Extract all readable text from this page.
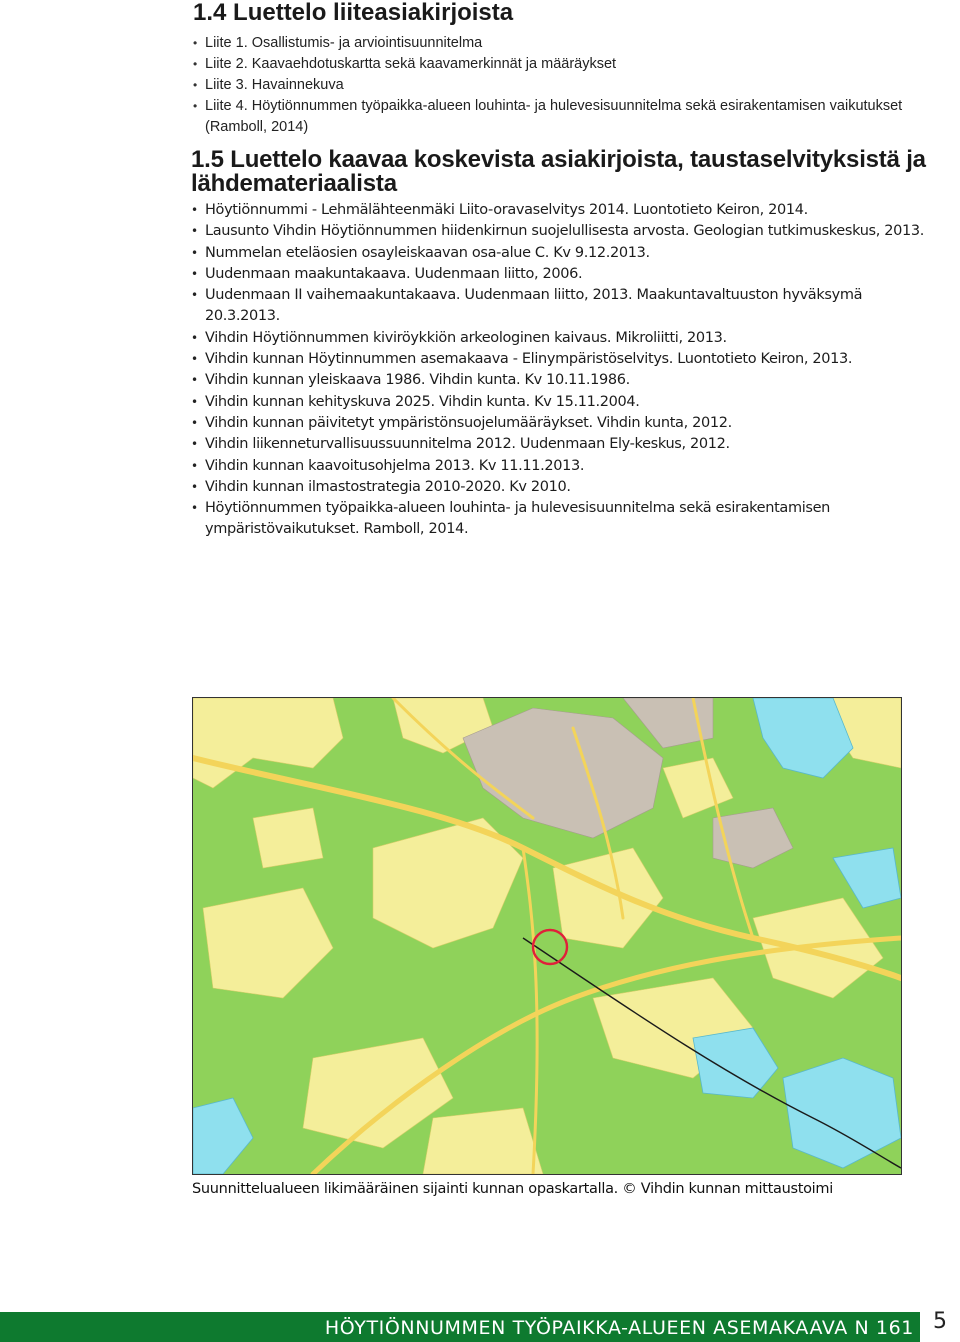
1.4 Luettelo liiteasiakirjoista
• Liite 1. Osallistumis- ja arviointisuunnitelma
• Liite 2. Kaavaehdotuskartta sekä kaavamerkinnät ja määräykset
• Liite 3. Havainnekuva
• Liite 4. Höytiönnummen työpaikka-alueen louhinta- ja hulevesisuunnitelma sekä esirakentamisen vaikutukset (Ramboll, 2014)
1.5 Luettelo kaavaa koskevista asiakirjoista, taustaselvityksistä ja lähdemateriaalista
• Höytiönnummi - Lehmälähteenmäki Liito-oravaselvitys 2014. Luontotieto Keiron, 2014.
• Lausunto Vihdin Höytiönnummen hiidenkirnun suojelullisesta arvosta. Geologian tutkimuskeskus, 2013.
• Nummelan eteläosien osayleiskaavan osa-alue C. Kv 9.12.2013.
• Uudenmaan maakuntakaava. Uudenmaan liitto, 2006.
• Uudenmaan II vaihemaakuntakaava. Uudenmaan liitto, 2013. Maakuntavaltuuston hyväksymä 20.3.2013.
• Vihdin Höytiönnummen kiviröykkiön arkeologinen kaivaus. Mikroliitti, 2013.
• Vihdin kunnan Höytinnummen asemakaava - Elinympäristöselvitys. Luontotieto Keiron, 2013.
• Vihdin kunnan yleiskaava 1986. Vihdin kunta. Kv 10.11.1986.
• Vihdin kunnan kehityskuva 2025. Vihdin kunta. Kv 15.11.2004.
• Vihdin kunnan päivitetyt ympäristönsuojelumääräykset. Vihdin kunta, 2012.
• Vihdin liikenneturvallisuussuunnitelma 2012. Uudenmaan Ely-keskus, 2012.
• Vihdin kunnan kaavoitusohjelma 2013. Kv 11.11.2013.
• Vihdin kunnan ilmastostrategia 2010-2020. Kv 2010.
• Höytiönnummen työpaikka-alueen louhinta- ja hulevesisuunnitelma sekä esirakentamisen ympäristövaikutukset. Ramboll, 2014.
Suunnittelualueen likimääräinen sijainti kunnan opaskartalla. © Vihdin kunnan mittaustoimi
HÖYTIÖNNUMMEN TYÖPAIKKA-ALUEEN ASEMAKAAVA N 161 5
